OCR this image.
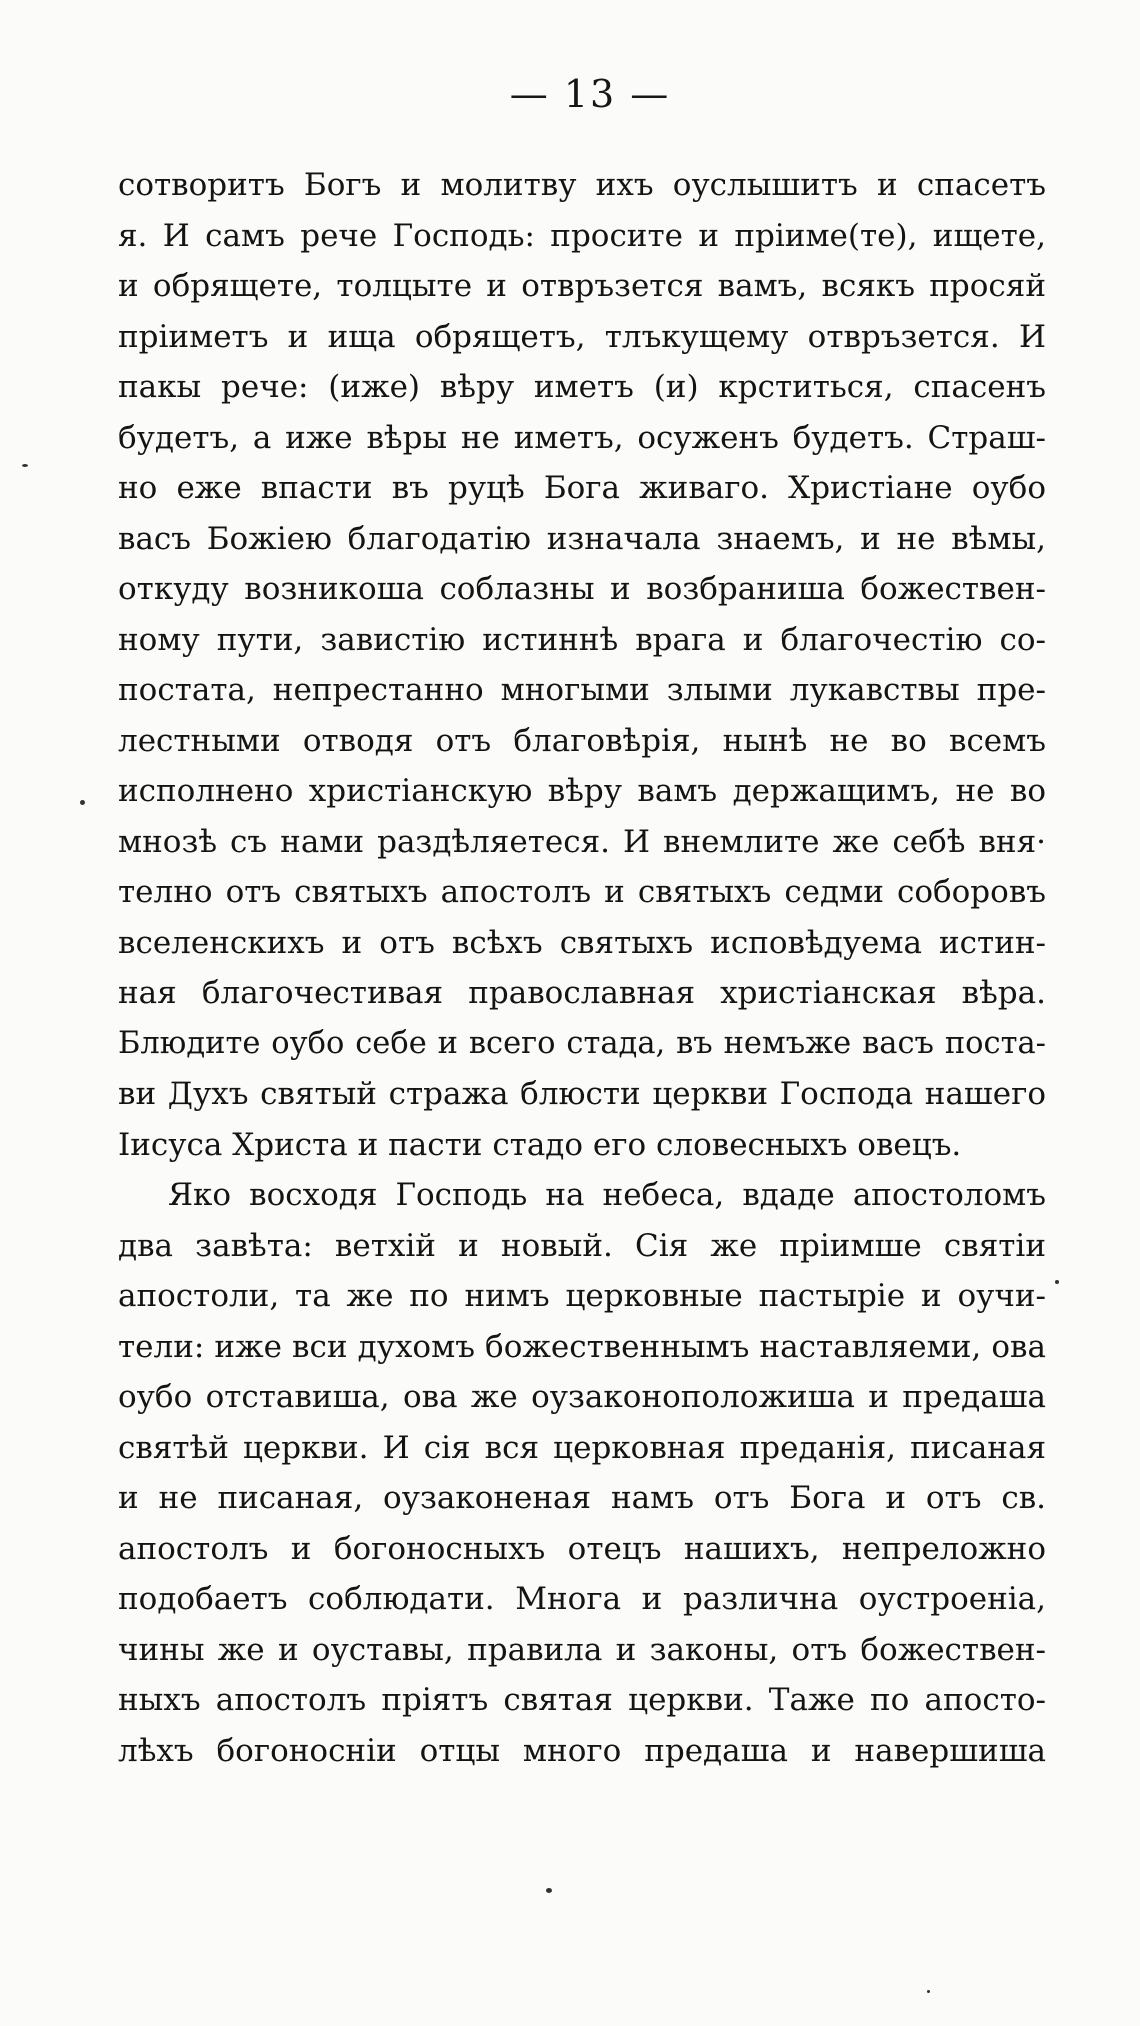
— 13 —
сотворитъ Богъ и молитву ихъ оуслышитъ и спасетъ
я. И самъ рече Господь: просите и пріиме(те), ищете,
и обрящете, толцыте и отвръзется вамъ, всякъ просяй
пріиметъ и ища обрящетъ, тлъкущему отвръзется. И
пакы рече: (иже) вѣру иметъ (и) крститься, спасенъ
будетъ, а иже вѣры не иметъ, осуженъ будетъ. Страш-
но еже впасти въ руцѣ Бога живаго. Христiане оубо
васъ Божiею благодатiю изначала знаемъ, и не вѣмы,
откуду возникоша соблазны и возбраниша божествен-
ному пути, завистiю истиннѣ врага и благочестiю со-
постата, непрестанно многыми злыми лукавствы пре-
лестными отводя отъ благовѣрiя, нынѣ не во всемъ
исполнено христiанскую вѣру вамъ держащимъ, не во
мнозѣ съ нами раздѣляетеся. И внемлите же себѣ вня·
телно отъ святыхъ апостолъ и святыхъ седми соборовъ
вселенскихъ и отъ всѣхъ святыхъ исповѣдуема истин-
ная благочестивая православная христiанская вѣра.
Блюдите оубо себе и всего стада, въ немъже васъ поста-
ви Духъ святый стража блюсти церкви Господа нашего
Iисуса Христа и пасти стадо его словесныхъ овецъ.
Яко восходя Господь на небеса, вдаде апостоломъ
два завѣта: ветхiй и новый. Сiя же прiимше святiи
апостоли, та же по нимъ церковные пастырiе и оучи-
тели: иже вси духомъ божественнымъ наставляеми, ова
оубо отставиша, ова же оузаконоположиша и предаша
святѣй церкви. И сiя вся церковная преданiя, писаная
и не писаная, оузаконеная намъ отъ Бога и отъ св.
апостолъ и богоносныхъ отецъ нашихъ, непреложно
подобаетъ соблюдати. Многа и различна оустроенiа,
чины же и оуставы, правила и законы, отъ божествен-
ныхъ апостолъ прiятъ святая церкви. Таже по апосто-
лѣхъ богоноснiи отцы много предаша и навершиша
